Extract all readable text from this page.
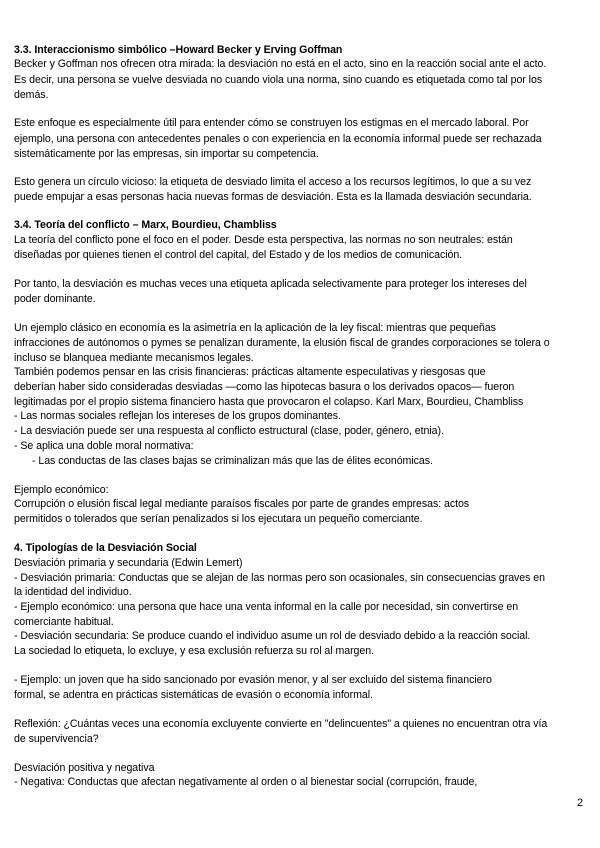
3.3. Interaccionismo simbólico –Howard Becker y Erving Goffman
Becker y Goffman nos ofrecen otra mirada: la desviación no está en el acto, sino en la reacción social ante el acto.
Es decir, una persona se vuelve desviada no cuando viola una norma, sino cuando es etiquetada como tal por los
demás.
Este enfoque es especialmente útil para entender cómo se construyen los estigmas en el mercado laboral. Por
ejemplo, una persona con antecedentes penales o con experiencia en la economía informal puede ser rechazada
sistemáticamente por las empresas, sin importar su competencia.
Esto genera un círculo vicioso: la etiqueta de desviado limita el acceso a los recursos legítimos, lo que a su vez
puede empujar a esas personas hacia nuevas formas de desviación. Esta es la llamada desviación secundaria.
3.4. Teoría del conflicto – Marx, Bourdieu, Chambliss
La teoría del conflicto pone el foco en el poder. Desde esta perspectiva, las normas no son neutrales: están
diseñadas por quienes tienen el control del capital, del Estado y de los medios de comunicación.
Por tanto, la desviación es muchas veces una etiqueta aplicada selectivamente para proteger los intereses del
poder dominante.
Un ejemplo clásico en economía es la asimetría en la aplicación de la ley fiscal: mientras que pequeñas
infracciones de autónomos o pymes se penalizan duramente, la elusión fiscal de grandes corporaciones se tolera o
incluso se blanquea mediante mecanismos legales.
También podemos pensar en las crisis financieras: prácticas altamente especulativas y riesgosas que
deberían haber sido consideradas desviadas —como las hipotecas basura o los derivados opacos— fueron
legitimadas por el propio sistema financiero hasta que provocaron el colapso. Karl Marx, Bourdieu, Chambliss
- Las normas sociales reflejan los intereses de los grupos dominantes.
- La desviación puede ser una respuesta al conflicto estructural (clase, poder, género, etnia).
- Se aplica una doble moral normativa:
- Las conductas de las clases bajas se criminalizan más que las de élites económicas.
Ejemplo económico:
Corrupción o elusión fiscal legal mediante paraísos fiscales por parte de grandes empresas: actos
permitidos o tolerados que serían penalizados si los ejecutara un pequeño comerciante.
4. Tipologías de la Desviación Social
Desviación primaria y secundaria (Edwin Lemert)
- Desviación primaria: Conductas que se alejan de las normas pero son ocasionales, sin consecuencias graves en
la identidad del individuo.
- Ejemplo económico: una persona que hace una venta informal en la calle por necesidad, sin convertirse en
comerciante habitual.
- Desviación secundaria: Se produce cuando el individuo asume un rol de desviado debido a la reacción social.
La sociedad lo etiqueta, lo excluye, y esa exclusión refuerza su rol al margen.
- Ejemplo: un joven que ha sido sancionado por evasión menor, y al ser excluido del sistema financiero
formal, se adentra en prácticas sistemáticas de evasión o economía informal.
Reflexión: ¿Cuántas veces una economía excluyente convierte en "delincuentes" a quienes no encuentran otra vía
de supervivencia?
Desviación positiva y negativa
- Negativa: Conductas que afectan negativamente al orden o al bienestar social (corrupción, fraude,
2
